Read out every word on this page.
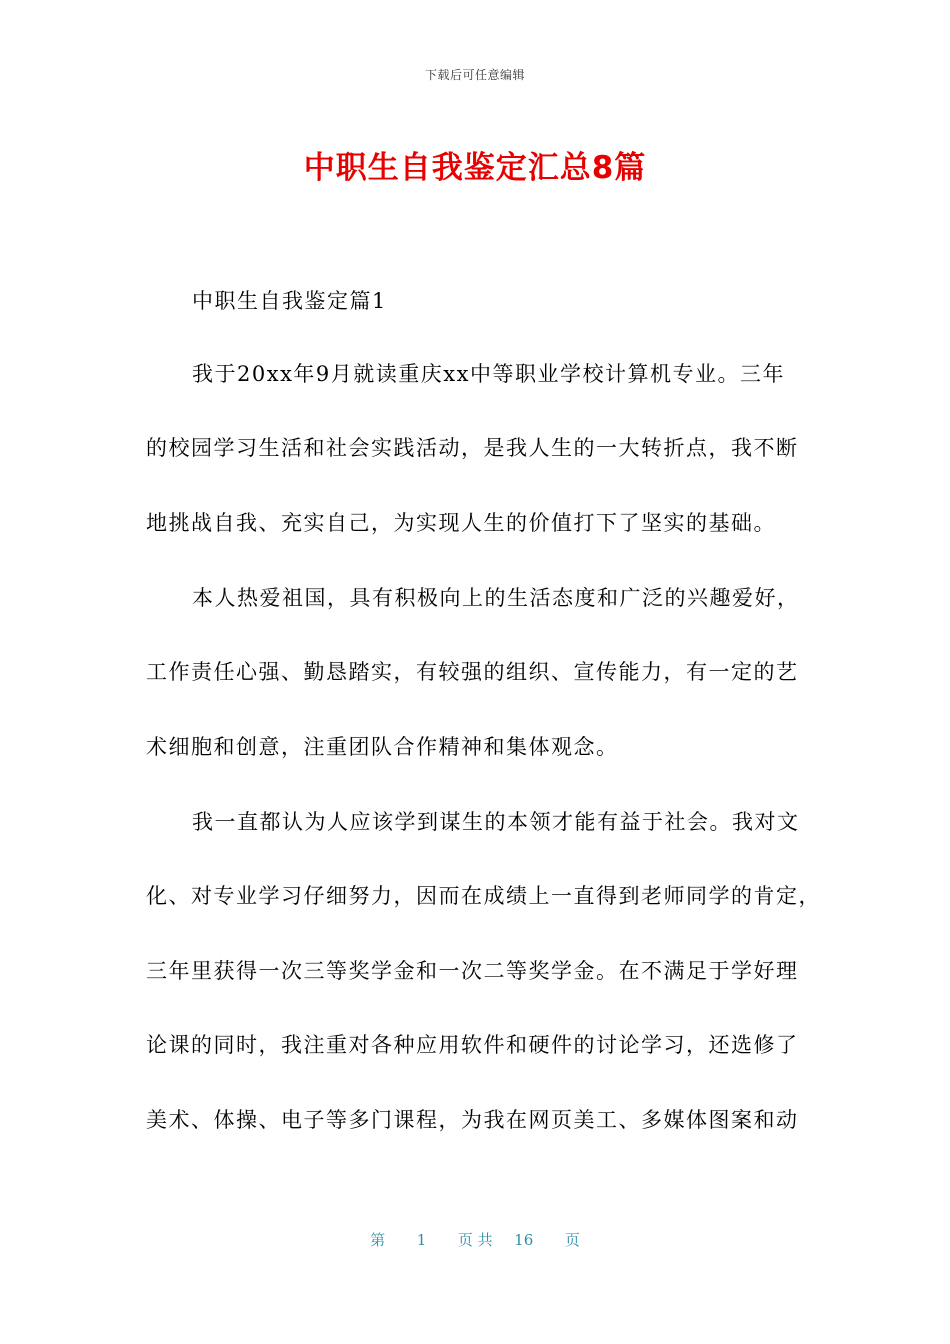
下载后可任意编辑
中职生自我鉴定汇总8篇
中职生自我鉴定篇1
我于20xx年9月就读重庆xx中等职业学校计算机专业。三年
的校园学习生活和社会实践活动，是我人生的一大转折点，我不断
地挑战自我、充实自己，为实现人生的价值打下了坚实的基础。
本人热爱祖国，具有积极向上的生活态度和广泛的兴趣爱好，
工作责任心强、勤恳踏实，有较强的组织、宣传能力，有一定的艺
术细胞和创意，注重团队合作精神和集体观念。
我一直都认为人应该学到谋生的本领才能有益于社会。我对文
化、对专业学习仔细努力，因而在成绩上一直得到老师同学的肯定，
三年里获得一次三等奖学金和一次二等奖学金。在不满足于学好理
论课的同时，我注重对各种应用软件和硬件的讨论学习，还选修了
美术、体操、电子等多门课程，为我在网页美工、多媒体图案和动
第 1 页 共 16 页
